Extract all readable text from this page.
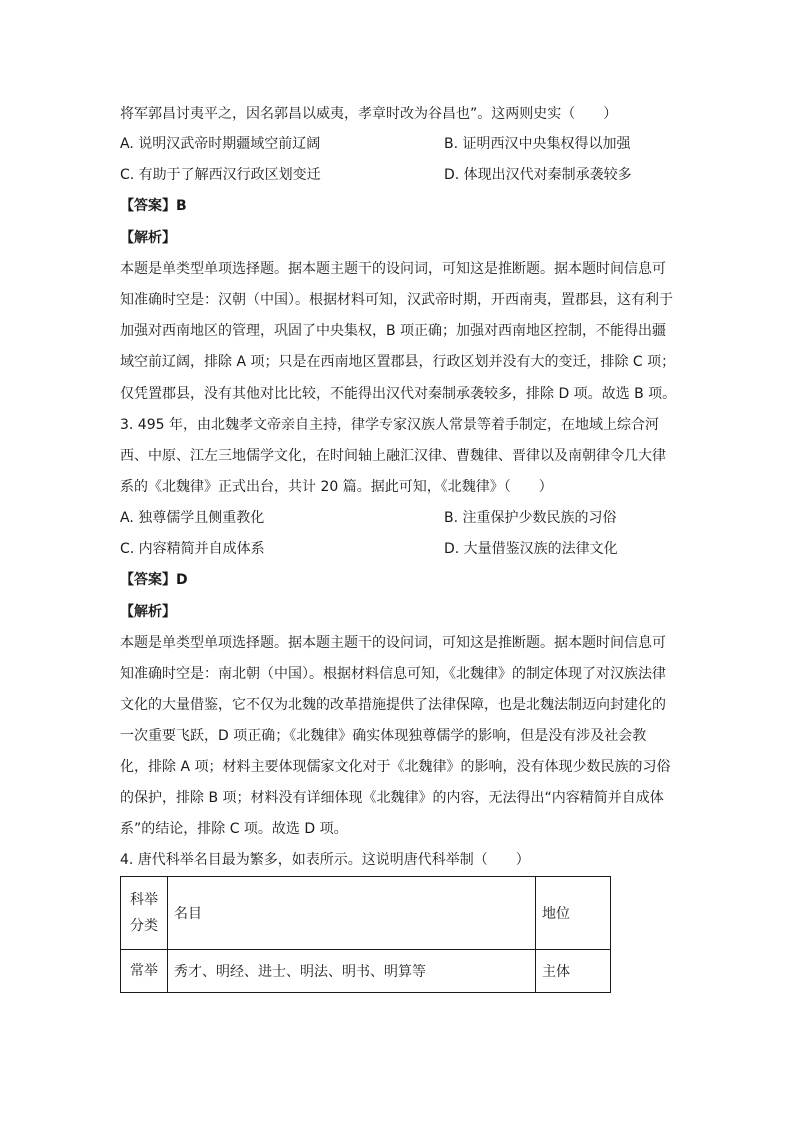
将军郭昌讨夷平之，因名郭昌以威夷，孝章时改为谷昌也”。这两则史实（　　）
A. 说明汉武帝时期疆域空前辽阔	B. 证明西汉中央集权得以加强
C. 有助于了解西汉行政区划变迁	D. 体现出汉代对秦制承袭较多
【答案】B
【解析】
本题是单类型单项选择题。据本题主题干的设问词，可知这是推断题。据本题时间信息可
知准确时空是：汉朝（中国）。根据材料可知，汉武帝时期，开西南夷，置郡县，这有利于
加强对西南地区的管理，巩固了中央集权，B 项正确；加强对西南地区控制，不能得出疆
域空前辽阔，排除 A 项；只是在西南地区置郡县，行政区划并没有大的变迁，排除 C 项；
仅凭置郡县，没有其他对比比较，不能得出汉代对秦制承袭较多，排除 D 项。故选 B 项。
3. 495 年，由北魏孝文帝亲自主持，律学专家汉族人常景等着手制定，在地域上综合河
西、中原、江左三地儒学文化，在时间轴上融汇汉律、曹魏律、晋律以及南朝律令几大律
系的《北魏律》正式出台，共计 20 篇。据此可知，《北魏律》（　　）
A. 独尊儒学且侧重教化	B. 注重保护少数民族的习俗
C. 内容精简并自成体系	D. 大量借鉴汉族的法律文化
【答案】D
【解析】
本题是单类型单项选择题。据本题主题干的设问词，可知这是推断题。据本题时间信息可
知准确时空是：南北朝（中国）。根据材料信息可知，《北魏律》的制定体现了对汉族法律
文化的大量借鉴，它不仅为北魏的改革措施提供了法律保障，也是北魏法制迈向封建化的
一次重要飞跃，D 项正确；《北魏律》确实体现独尊儒学的影响，但是没有涉及社会教
化，排除 A 项；材料主要体现儒家文化对于《北魏律》的影响，没有体现少数民族的习俗
的保护，排除 B 项；材料没有详细体现《北魏律》的内容，无法得出“内容精简并自成体
系”的结论，排除 C 项。故选 D 项。
4. 唐代科举名目最为繁多，如表所示。这说明唐代科举制（　　）
科举
分类	名目	地位
常举	秀才、明经、进士、明法、明书、明算等	主体
